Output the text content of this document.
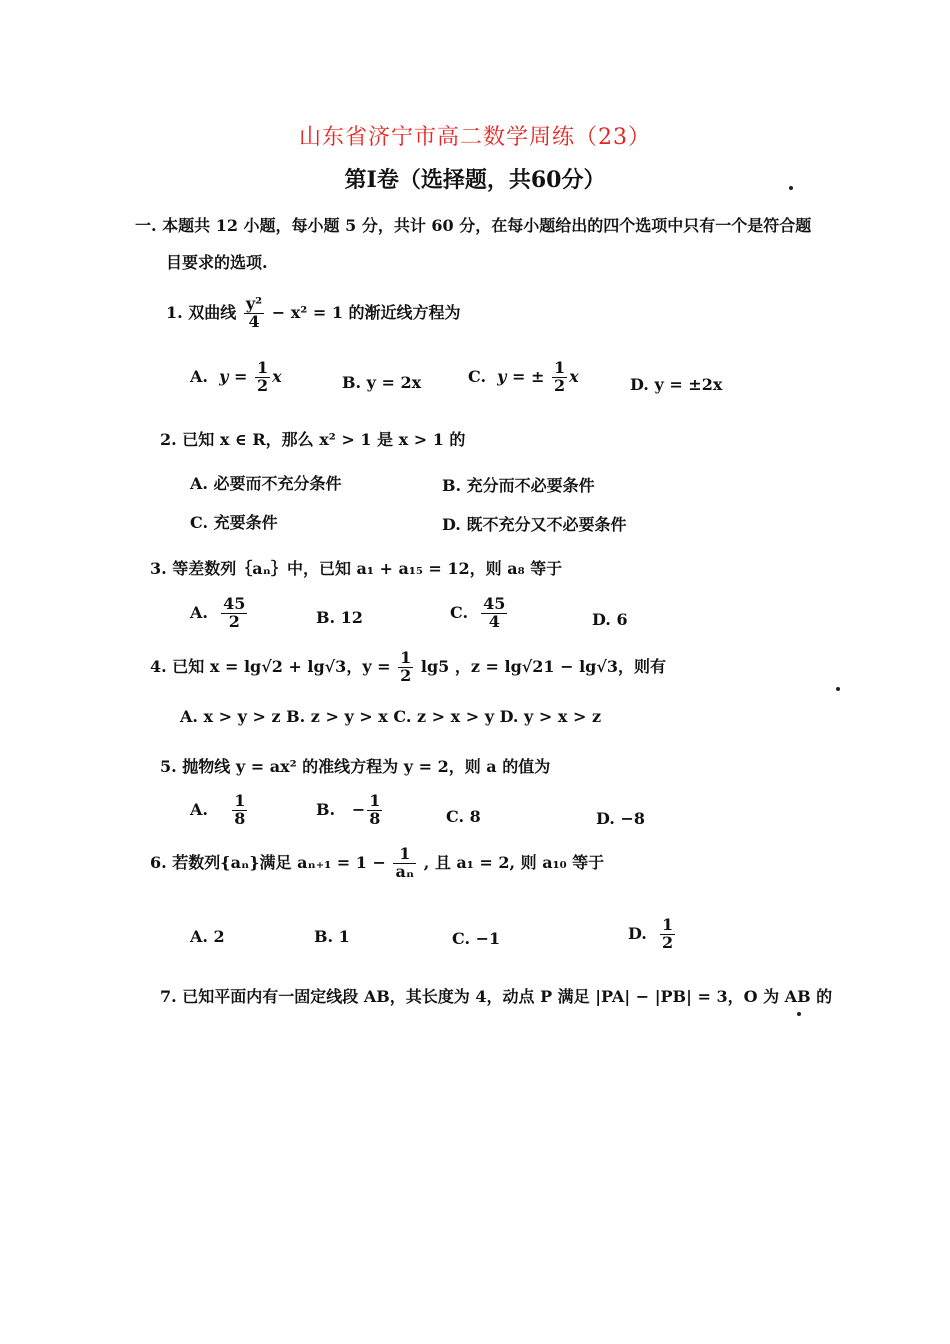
山东省济宁市高二数学周练（23）
第Ⅰ卷（选择题，共60分）
一. 本题共 12 小题，每小题 5 分，共计 60 分，在每小题给出的四个选项中只有一个是符合题
目要求的选项.
1. 双曲线 $\frac{\text{y²}}{4} - x^2 = 1$ 的渐近线方程为
A. $y = \frac{1}{2}$ x	B. y = 2x	C. y = ± $\frac{1}{2}$ x	D. y = ±2x
2. 已知 x ∈ R，那么 x² > 1 是 x > 1 的
A. 必要而不充分条件	B. 充分而不必要条件
C. 充要条件	D. 既不充分又不必要条件
3. 等差数列｛aₙ｝中，已知 a₁ + a₁₅ = 12，则 a₈ 等于
A. $\frac{45}{2}$	B. 12	C. $\frac{45}{4}$	D. 6
4. 已知 x = lg√2 + lg√3，$y = \frac{1}{2} \lg 5$ ，z = lg√21 − lg√3，则有
A. x > y > z B. z > y > x C. z > x > y D. y > x > z
5. 抛物线 y = ax² 的准线方程为 y = 2，则 a 的值为
A. $\frac{1}{8}$	B. − $\frac{1}{8}$	C. 8	D. −8
6. 若数列{aₙ}满足 $a_{n+1} = 1 - \frac{1}{\text{aₙ}}$ , 且 a₁ = 2, 则 a₁₀ 等于
A. 2	B. 1	C. −1	D. $\frac{1}{2}$
7. 已知平面内有一固定线段 AB，其长度为 4，动点 P 满足 |PA| − |PB| = 3，O 为 AB 的
